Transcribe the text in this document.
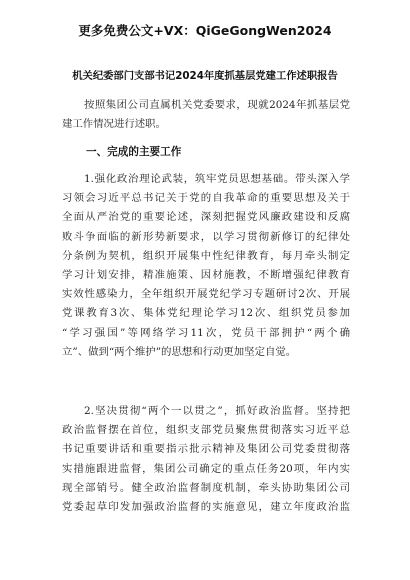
更多免费公文+VX：QiGeGongWen2024
机关纪委部门支部书记2024年度抓基层党建工作述职报告
按照集团公司直属机关党委要求，现就2024年抓基层党
建工作情况进行述职。
一、完成的主要工作
1.强化政治理论武装，筑牢党员思想基础。带头深入学
习领会习近平总书记关于党的自我革命的重要思想及关于
全面从严治党的重要论述，深刻把握党风廉政建设和反腐
败斗争面临的新形势新要求，以学习贯彻新修订的纪律处
分条例为契机，组织开展集中性纪律教育，每月牵头制定
学习计划安排，精准施策、因材施教，不断增强纪律教育
实效性感染力，全年组织开展党纪学习专题研讨2次、开展
党课教育3次、集体党纪理论学习12次、组织党员参加
“学习强国”等网络学习11次，党员干部拥护“两个确
立”、做到“两个维护”的思想和行动更加坚定自觉。
2.坚决贯彻“两个一以贯之”，抓好政治监督。坚持把
政治监督摆在首位，组织支部党员聚焦贯彻落实习近平总
书记重要讲话和重要指示批示精神及集团公司党委贯彻落
实措施跟进监督，集团公司确定的重点任务20项，年内实
现全部销号。健全政治监督制度机制，牵头协助集团公司
党委起草印发加强政治监督的实施意见，建立年度政治监
